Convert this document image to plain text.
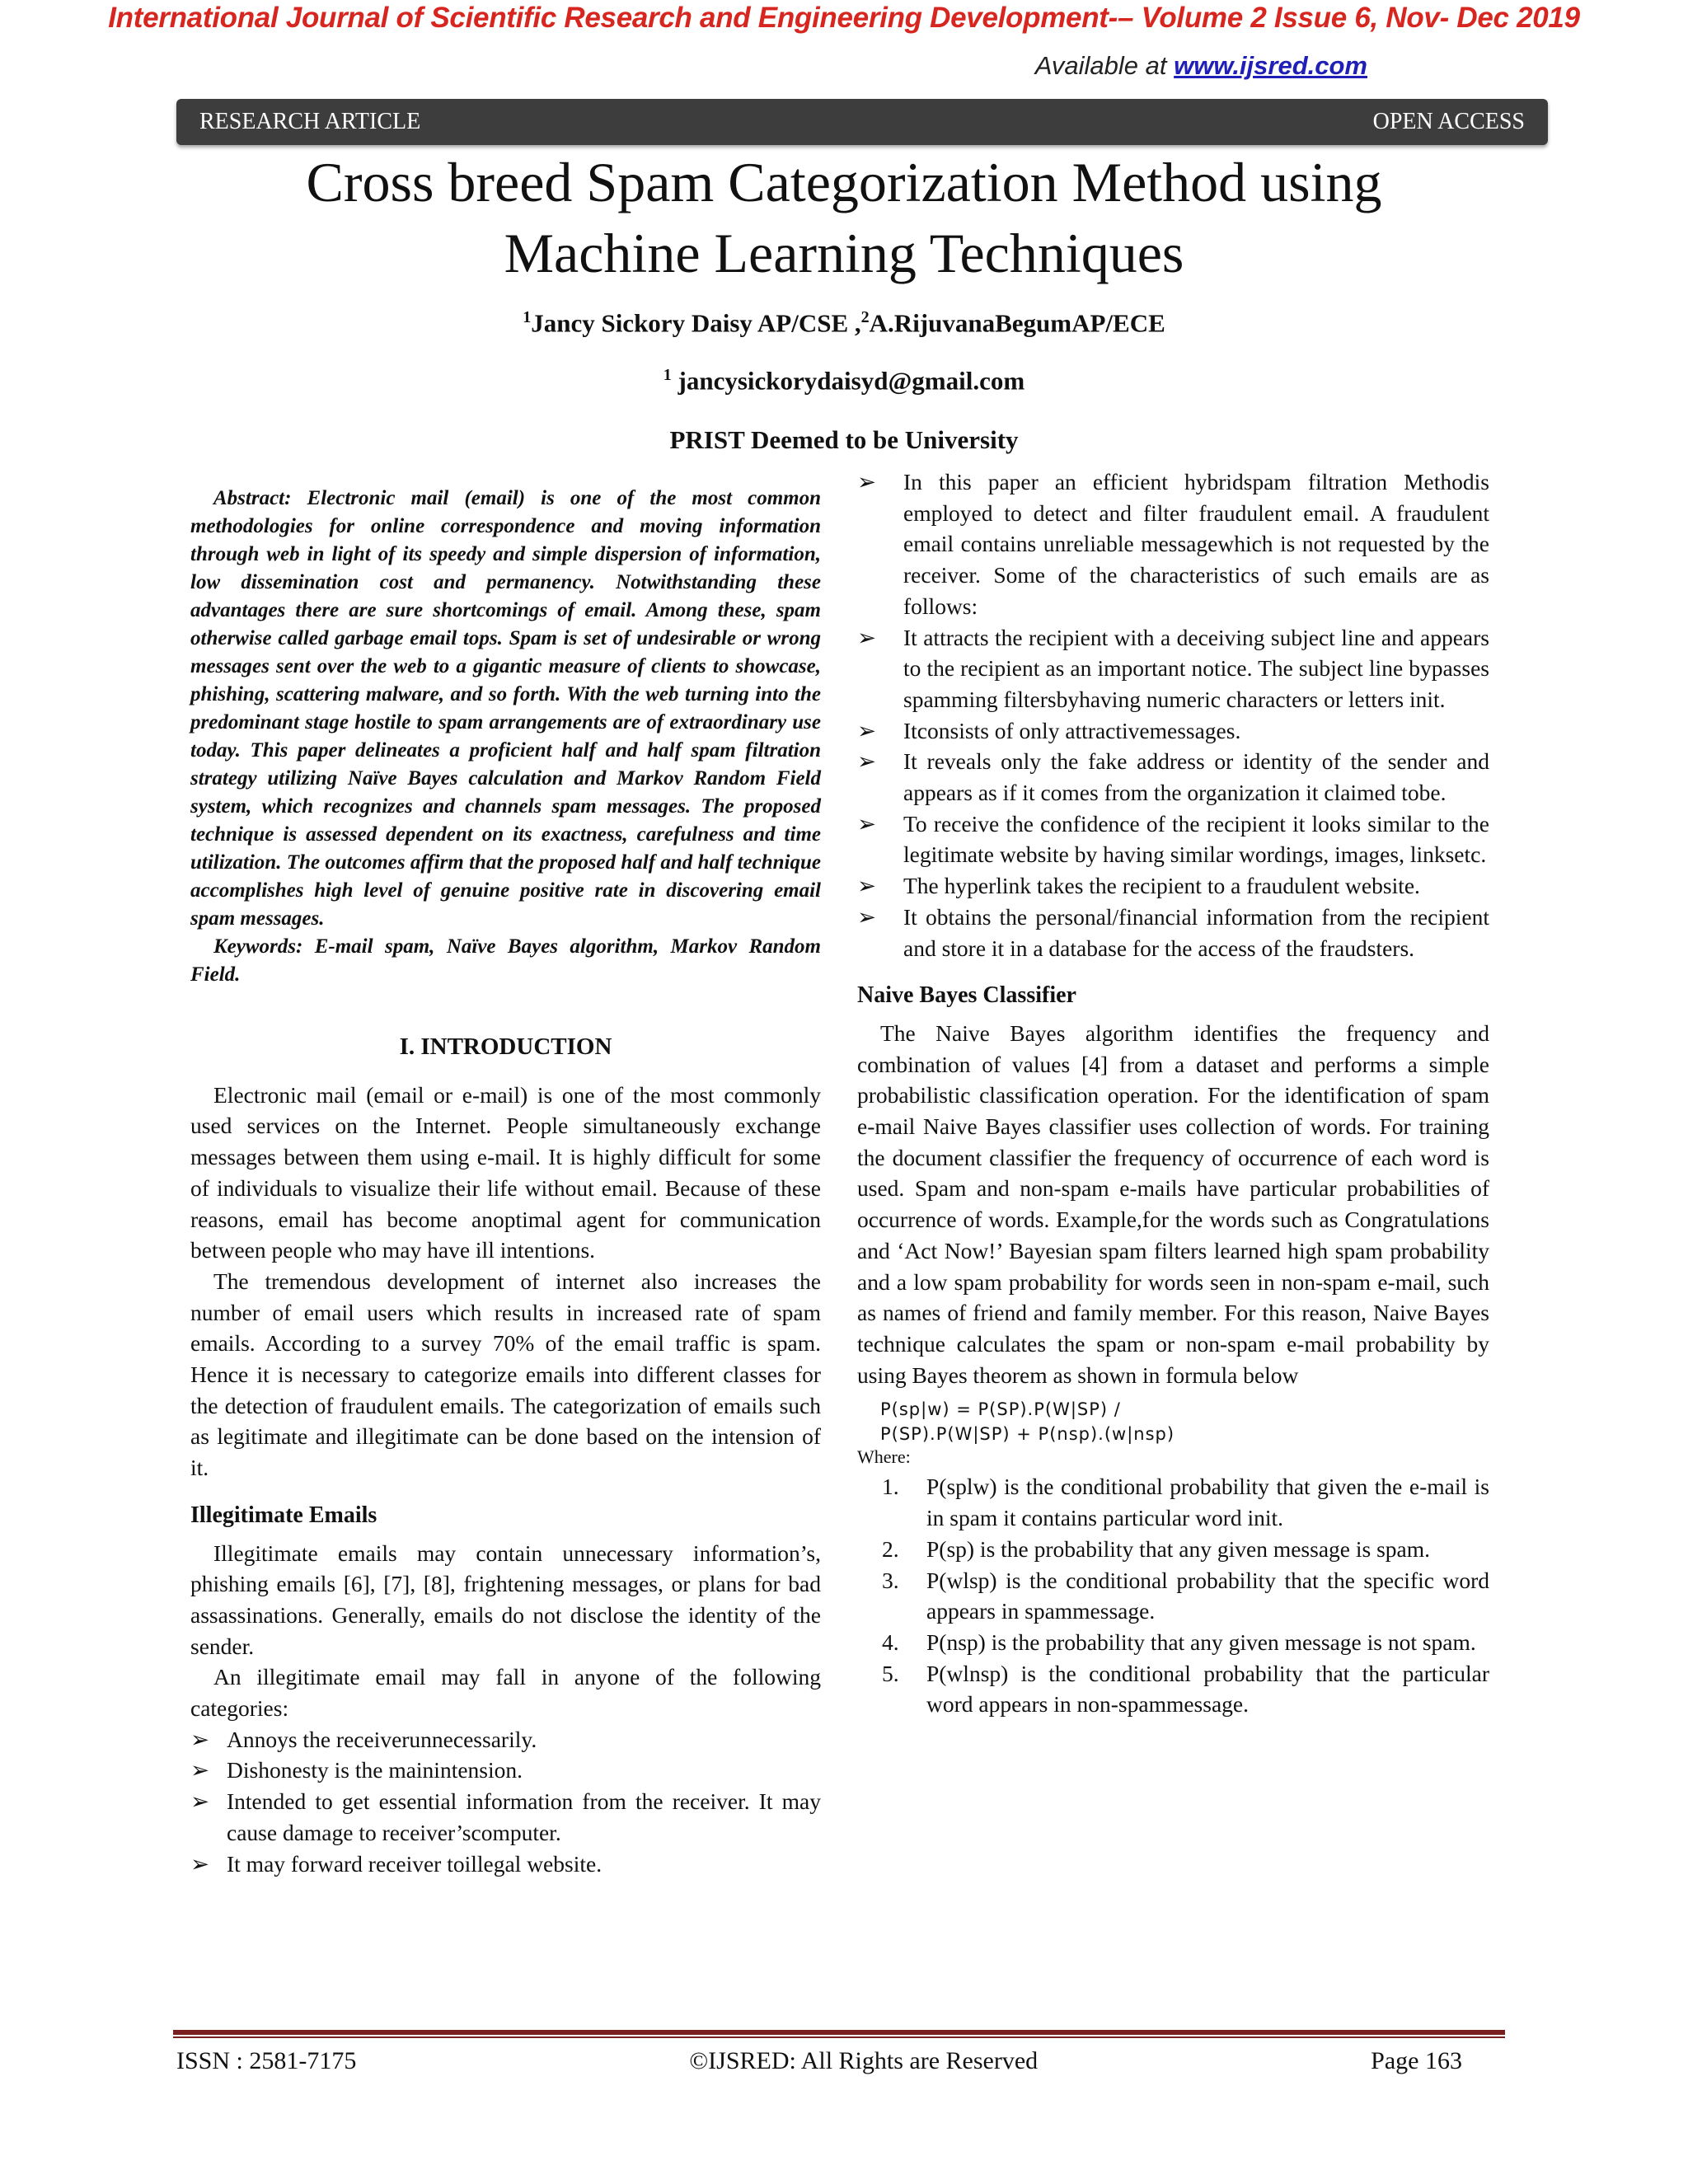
International Journal of Scientific Research and Engineering Development-– Volume 2 Issue 6, Nov- Dec 2019
Available at www.ijsred.com
RESEARCH ARTICLE	OPEN ACCESS
Cross breed Spam Categorization Method using
Machine Learning Techniques
$^1$Jancy Sickory Daisy AP/CSE ,$^2$A.RijuvanaBegumAP/ECE
$^1$ jancysickorydaisyd@gmail.com
PRIST Deemed to be University

Abstract: Electronic mail (email) is one of the most common methodologies for online correspondence and moving information through web in light of its speedy and simple dispersion of information, low dissemination cost and permanency. Notwithstanding these advantages there are sure shortcomings of email. Among these, spam otherwise called garbage email tops. Spam is set of undesirable or wrong messages sent over the web to a gigantic measure of clients to showcase, phishing, scattering malware, and so forth. With the web turning into the predominant stage hostile to spam arrangements are of extraordinary use today. This paper delineates a proficient half and half spam filtration strategy utilizing Naïve Bayes calculation and Markov Random Field system, which recognizes and channels spam messages. The proposed technique is assessed dependent on its exactness, carefulness and time utilization. The outcomes affirm that the proposed half and half technique accomplishes high level of genuine positive rate in discovering email spam messages.

Keywords: E-mail spam, Naïve Bayes algorithm, Markov Random Field.

I. INTRODUCTION

Electronic mail (email or e-mail) is one of the most commonly used services on the Internet. People simultaneously exchange messages between them using e-mail. It is highly difficult for some of individuals to visualize their life without email. Because of these reasons, email has become anoptimal agent for communication between people who may have ill intentions.

The tremendous development of internet also increases the number of email users which results in increased rate of spam emails. According to a survey 70% of the email traffic is spam. Hence it is necessary to categorize emails into different classes for the detection of fraudulent emails. The categorization of emails such as legitimate and illegitimate can be done based on the intension of it.

Illegitimate Emails

Illegitimate emails may contain unnecessary information’s, phishing emails [6], [7], [8], frightening messages, or plans for bad assassinations. Generally, emails do not disclose the identity of the sender.

An illegitimate email may fall in anyone of the following categories:

➢ Annoys the receiverunnecessarily.
➢ Dishonesty is the mainintension.
➢ Intended to get essential information from the receiver. It may cause damage to receiver’scomputer.
➢ It may forward receiver toillegal website.
➢ In this paper an efficient hybridspam filtration Methodis employed to detect and filter fraudulent email. A fraudulent email contains unreliable messagewhich is not requested by the receiver. Some of the characteristics of such emails are as follows:
➢ It attracts the recipient with a deceiving subject line and appears to the recipient as an important notice. The subject line bypasses spamming filtersbyhaving numeric characters or letters init.
➢ Itconsists of only attractivemessages.
➢ It reveals only the fake address or identity of the sender and appears as if it comes from the organization it claimed tobe.
➢ To receive the confidence of the recipient it looks similar to the legitimate website by having similar wordings, images, linksetc.
➢ The hyperlink takes the recipient to a fraudulent website.
➢ It obtains the personal/financial information from the recipient and store it in a database for the access of the fraudsters.
Naive Bayes Classifier

The Naive Bayes algorithm identifies the frequency and combination of values [4] from a dataset and performs a simple probabilistic classification operation. For the identification of spam e-mail Naive Bayes classifier uses collection of words. For training the document classifier the frequency of occurrence of each word is used. Spam and non-spam e-mails have particular probabilities of occurrence of words. Example,for the words such as Congratulations and ‘Act Now!’ Bayesian spam filters learned high spam probability and a low spam probability for words seen in non-spam e-mail, such as names of friend and family member. For this reason, Naive Bayes technique calculates the spam or non-spam e-mail probability by using Bayes theorem as shown in formula below

P(sp|w) = P(SP).P(W|SP) /
P(SP).P(W|SP) + P(nsp).(w|nsp)

Where:

1. P(splw) is the conditional probability that given the e-mail is in spam it contains particular word init.
2. P(sp) is the probability that any given message is spam.
3. P(wlsp) is the conditional probability that the specific word appears in spammessage.
4. P(nsp) is the probability that any given message is not spam.
5. P(wlnsp) is the conditional probability that the particular word appears in non-spammessage.
ISSN : 2581-7175	©IJSRED: All Rights are Reserved	Page 163
